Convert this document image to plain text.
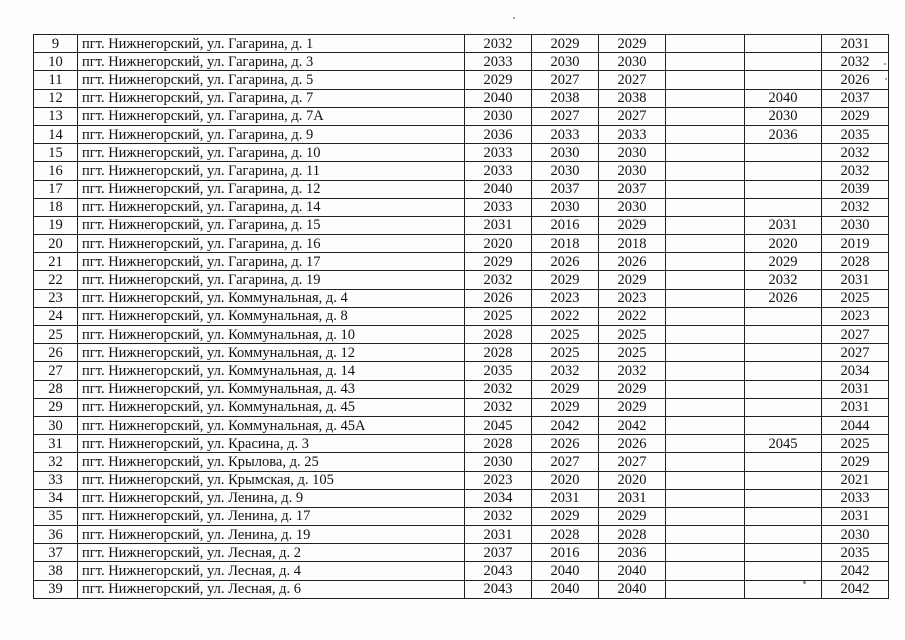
9	пгт. Нижнегорский, ул. Гагарина, д. 1	2032	2029	2029			2031
10	пгт. Нижнегорский, ул. Гагарина, д. 3	2033	2030	2030			2032
11	пгт. Нижнегорский, ул. Гагарина, д. 5	2029	2027	2027			2026
12	пгт. Нижнегорский, ул. Гагарина, д. 7	2040	2038	2038		2040	2037
13	пгт. Нижнегорский, ул. Гагарина, д. 7А	2030	2027	2027		2030	2029
14	пгт. Нижнегорский, ул. Гагарина, д. 9	2036	2033	2033		2036	2035
15	пгт. Нижнегорский, ул. Гагарина, д. 10	2033	2030	2030			2032
16	пгт. Нижнегорский, ул. Гагарина, д. 11	2033	2030	2030			2032
17	пгт. Нижнегорский, ул. Гагарина, д. 12	2040	2037	2037			2039
18	пгт. Нижнегорский, ул. Гагарина, д. 14	2033	2030	2030			2032
19	пгт. Нижнегорский, ул. Гагарина, д. 15	2031	2016	2029		2031	2030
20	пгт. Нижнегорский, ул. Гагарина, д. 16	2020	2018	2018		2020	2019
21	пгт. Нижнегорский, ул. Гагарина, д. 17	2029	2026	2026		2029	2028
22	пгт. Нижнегорский, ул. Гагарина, д. 19	2032	2029	2029		2032	2031
23	пгт. Нижнегорский, ул. Коммунальная, д. 4	2026	2023	2023		2026	2025
24	пгт. Нижнегорский, ул. Коммунальная, д. 8	2025	2022	2022			2023
25	пгт. Нижнегорский, ул. Коммунальная, д. 10	2028	2025	2025			2027
26	пгт. Нижнегорский, ул. Коммунальная, д. 12	2028	2025	2025			2027
27	пгт. Нижнегорский, ул. Коммунальная, д. 14	2035	2032	2032			2034
28	пгт. Нижнегорский, ул. Коммунальная, д. 43	2032	2029	2029			2031
29	пгт. Нижнегорский, ул. Коммунальная, д. 45	2032	2029	2029			2031
30	пгт. Нижнегорский, ул. Коммунальная, д. 45А	2045	2042	2042			2044
31	пгт. Нижнегорский, ул. Красина, д. 3	2028	2026	2026		2045	2025
32	пгт. Нижнегорский, ул. Крылова, д. 25	2030	2027	2027			2029
33	пгт. Нижнегорский, ул. Крымская, д. 105	2023	2020	2020			2021
34	пгт. Нижнегорский, ул. Ленина, д. 9	2034	2031	2031			2033
35	пгт. Нижнегорский, ул. Ленина, д. 17	2032	2029	2029			2031
36	пгт. Нижнегорский, ул. Ленина, д. 19	2031	2028	2028			2030
37	пгт. Нижнегорский, ул. Лесная, д. 2	2037	2016	2036			2035
38	пгт. Нижнегорский, ул. Лесная, д. 4	2043	2040	2040			2042
39	пгт. Нижнегорский, ул. Лесная, д. 6	2043	2040	2040			2042
